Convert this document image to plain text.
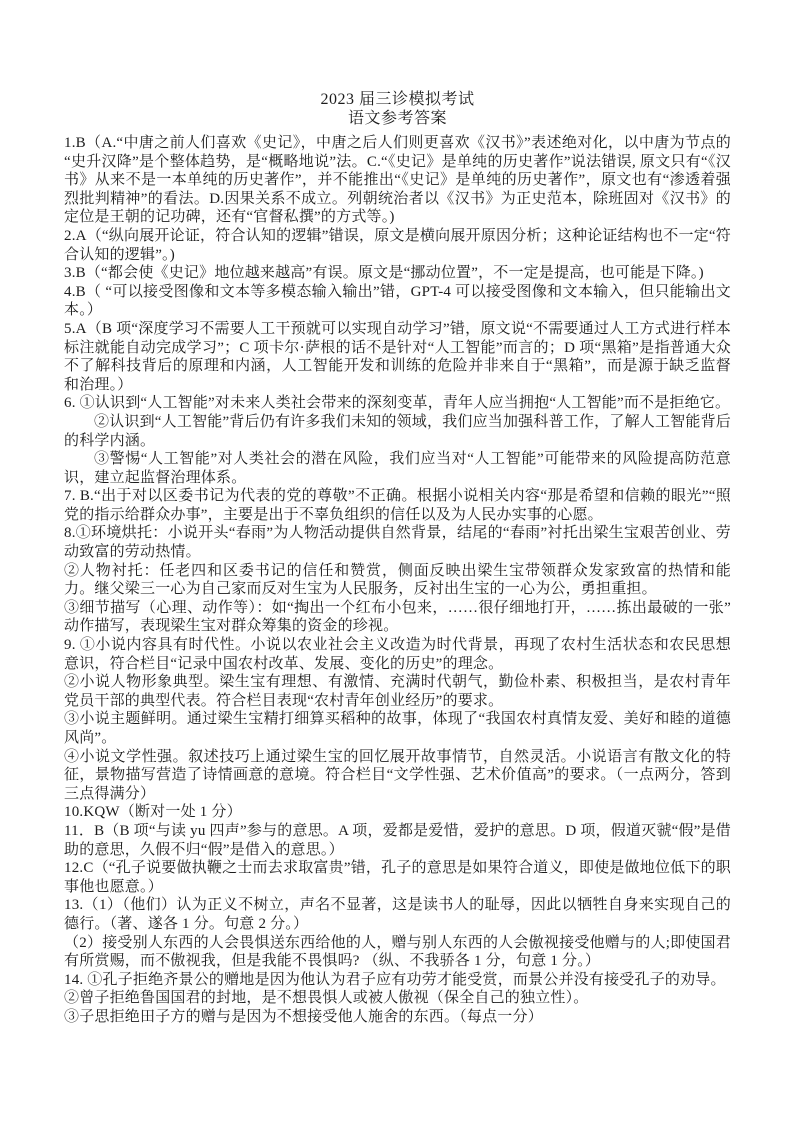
2023 届三诊模拟考试
语文参考答案

1.B（A.“中唐之前人们喜欢《史记》，中唐之后人们则更喜欢《汉书》”表述绝对化，以中唐为节点的“史升汉降”是个整体趋势，是“概略地说”法。C.“《史记》是单纯的历史著作”说法错误, 原文只有“《汉书》从来不是一本单纯的历史著作”，并不能推出“《史记》是单纯的历史著作”，原文也有“渗透着强烈批判精神”的看法。D.因果关系不成立。列朝统治者以《汉书》为正史范本，除班固对《汉书》的定位是王朝的记功碑，还有“官督私撰”的方式等。)

2.A（“纵向展开论证，符合认知的逻辑”错误，原文是横向展开原因分析；这种论证结构也不一定“符合认知的逻辑”。)

3.B（“都会使《史记》地位越来越高”有误。原文是“挪动位置”，不一定是提高，也可能是下降。)

4.B（ “可以接受图像和文本等多模态输入输出”错，GPT-4 可以接受图像和文本输入，但只能输出文本。）

5.A（B 项“深度学习不需要人工干预就可以实现自动学习”错，原文说“不需要通过人工方式进行样本标注就能自动完成学习”；C 项卡尔·萨根的话不是针对“人工智能”而言的；D 项“黑箱”是指普通大众不了解科技背后的原理和内涵，人工智能开发和训练的危险并非来自于“黑箱”，而是源于缺乏监督和治理。）

6. ①认识到“人工智能”对未来人类社会带来的深刻变革，青年人应当拥抱“人工智能”而不是拒绝它。

②认识到“人工智能”背后仍有许多我们未知的领域，我们应当加强科普工作，了解人工智能背后的科学内涵。

③警惕“人工智能”对人类社会的潜在风险，我们应当对“人工智能”可能带来的风险提高防范意识，建立起监督治理体系。

7. B.“出于对以区委书记为代表的党的尊敬”不正确。根据小说相关内容“那是希望和信赖的眼光”“照党的指示给群众办事”，主要是出于不辜负组织的信任以及为人民办实事的心愿。

8.①环境烘托：小说开头“春雨”为人物活动提供自然背景，结尾的“春雨”衬托出梁生宝艰苦创业、劳动致富的劳动热情。

②人物衬托：任老四和区委书记的信任和赞赏，侧面反映出梁生宝带领群众发家致富的热情和能力。继父梁三一心为自己家而反对生宝为人民服务，反衬出生宝的一心为公，勇担重担。

③细节描写（心理、动作等）：如“掏出一个红布小包来，……很仔细地打开，……拣出最破的一张”动作描写，表现梁生宝对群众筹集的资金的珍视。

9. ①小说内容具有时代性。小说以农业社会主义改造为时代背景，再现了农村生活状态和农民思想意识，符合栏目“记录中国农村改革、发展、变化的历史”的理念。

②小说人物形象典型。梁生宝有理想、有激情、充满时代朝气，勤俭朴素、积极担当，是农村青年党员干部的典型代表。符合栏目表现“农村青年创业经历”的要求。

③小说主题鲜明。通过梁生宝精打细算买稻种的故事，体现了“我国农村真情友爱、美好和睦的道德风尚”。

④小说文学性强。叙述技巧上通过梁生宝的回忆展开故事情节，自然灵活。小说语言有散文化的特征，景物描写营造了诗情画意的意境。符合栏目“文学性强、艺术价值高”的要求。（一点两分，答到三点得满分）

10.KQW（断对一处 1 分）

11．B（B 项“与读 yu 四声”参与的意思。A 项，爱都是爱惜，爱护的意思。D 项，假道灭虢“假”是借助的意思，久假不归“假”是借入的意思。）

12.C（“孔子说要做执鞭之士而去求取富贵”错，孔子的意思是如果符合道义，即使是做地位低下的职事他也愿意。）

13.（1）（他们）认为正义不树立，声名不显著，这是读书人的耻辱，因此以牺牲自身来实现自己的德行。（著、遂各 1 分。句意 2 分。）

（2）接受别人东西的人会畏惧送东西给他的人，赠与别人东西的人会傲视接受他赠与的人;即使国君有所赏赐，而不傲视我，但是我能不畏惧吗? （纵、不我骄各 1 分，句意 1 分。）

14. ①孔子拒绝齐景公的赠地是因为他认为君子应有功劳才能受赏，而景公并没有接受孔子的劝导。

②曾子拒绝鲁国国君的封地，是不想畏惧人或被人傲视（保全自己的独立性）。

③子思拒绝田子方的赠与是因为不想接受他人施舍的东西。（每点一分）
